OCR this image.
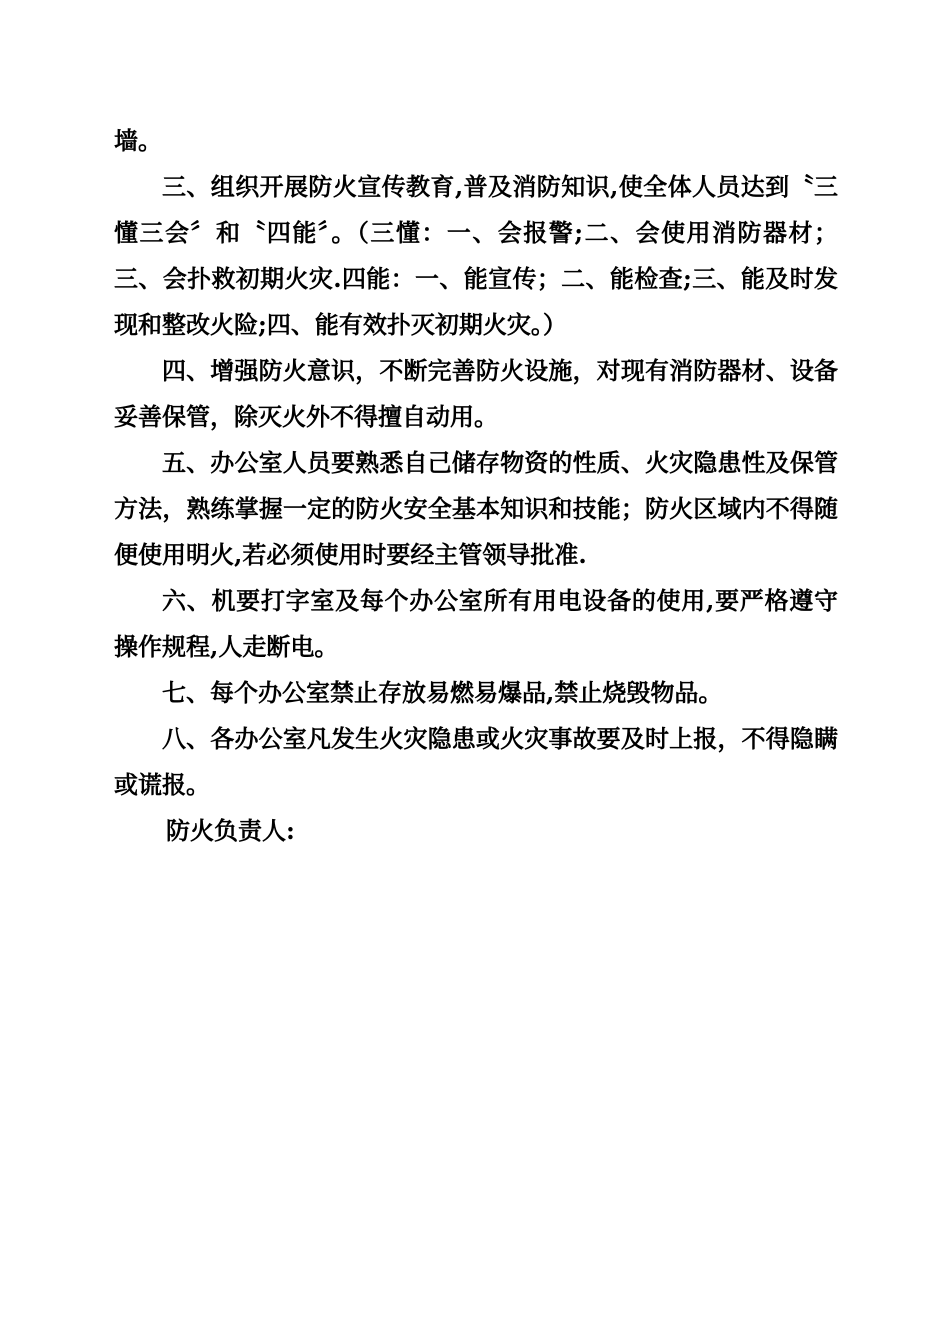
墙。

三、组织开展防火宣传教育,普及消防知识,使全体人员达到〝三懂三会〞和〝四能〞。（三懂：一、会报警;二、会使用消防器材；三、会扑救初期火灾.四能：一、能宣传；二、能检查;三、能及时发现和整改火险;四、能有效扑灭初期火灾。）

四、增强防火意识，不断完善防火设施，对现有消防器材、设备妥善保管，除灭火外不得擅自动用。

五、办公室人员要熟悉自己储存物资的性质、火灾隐患性及保管方法，熟练掌握一定的防火安全基本知识和技能；防火区域内不得随便使用明火,若必须使用时要经主管领导批准.

六、机要打字室及每个办公室所有用电设备的使用,要严格遵守操作规程,人走断电。

七、每个办公室禁止存放易燃易爆品,禁止烧毁物品。

八、各办公室凡发生火灾隐患或火灾事故要及时上报，不得隐瞒或谎报。

防火负责人:
